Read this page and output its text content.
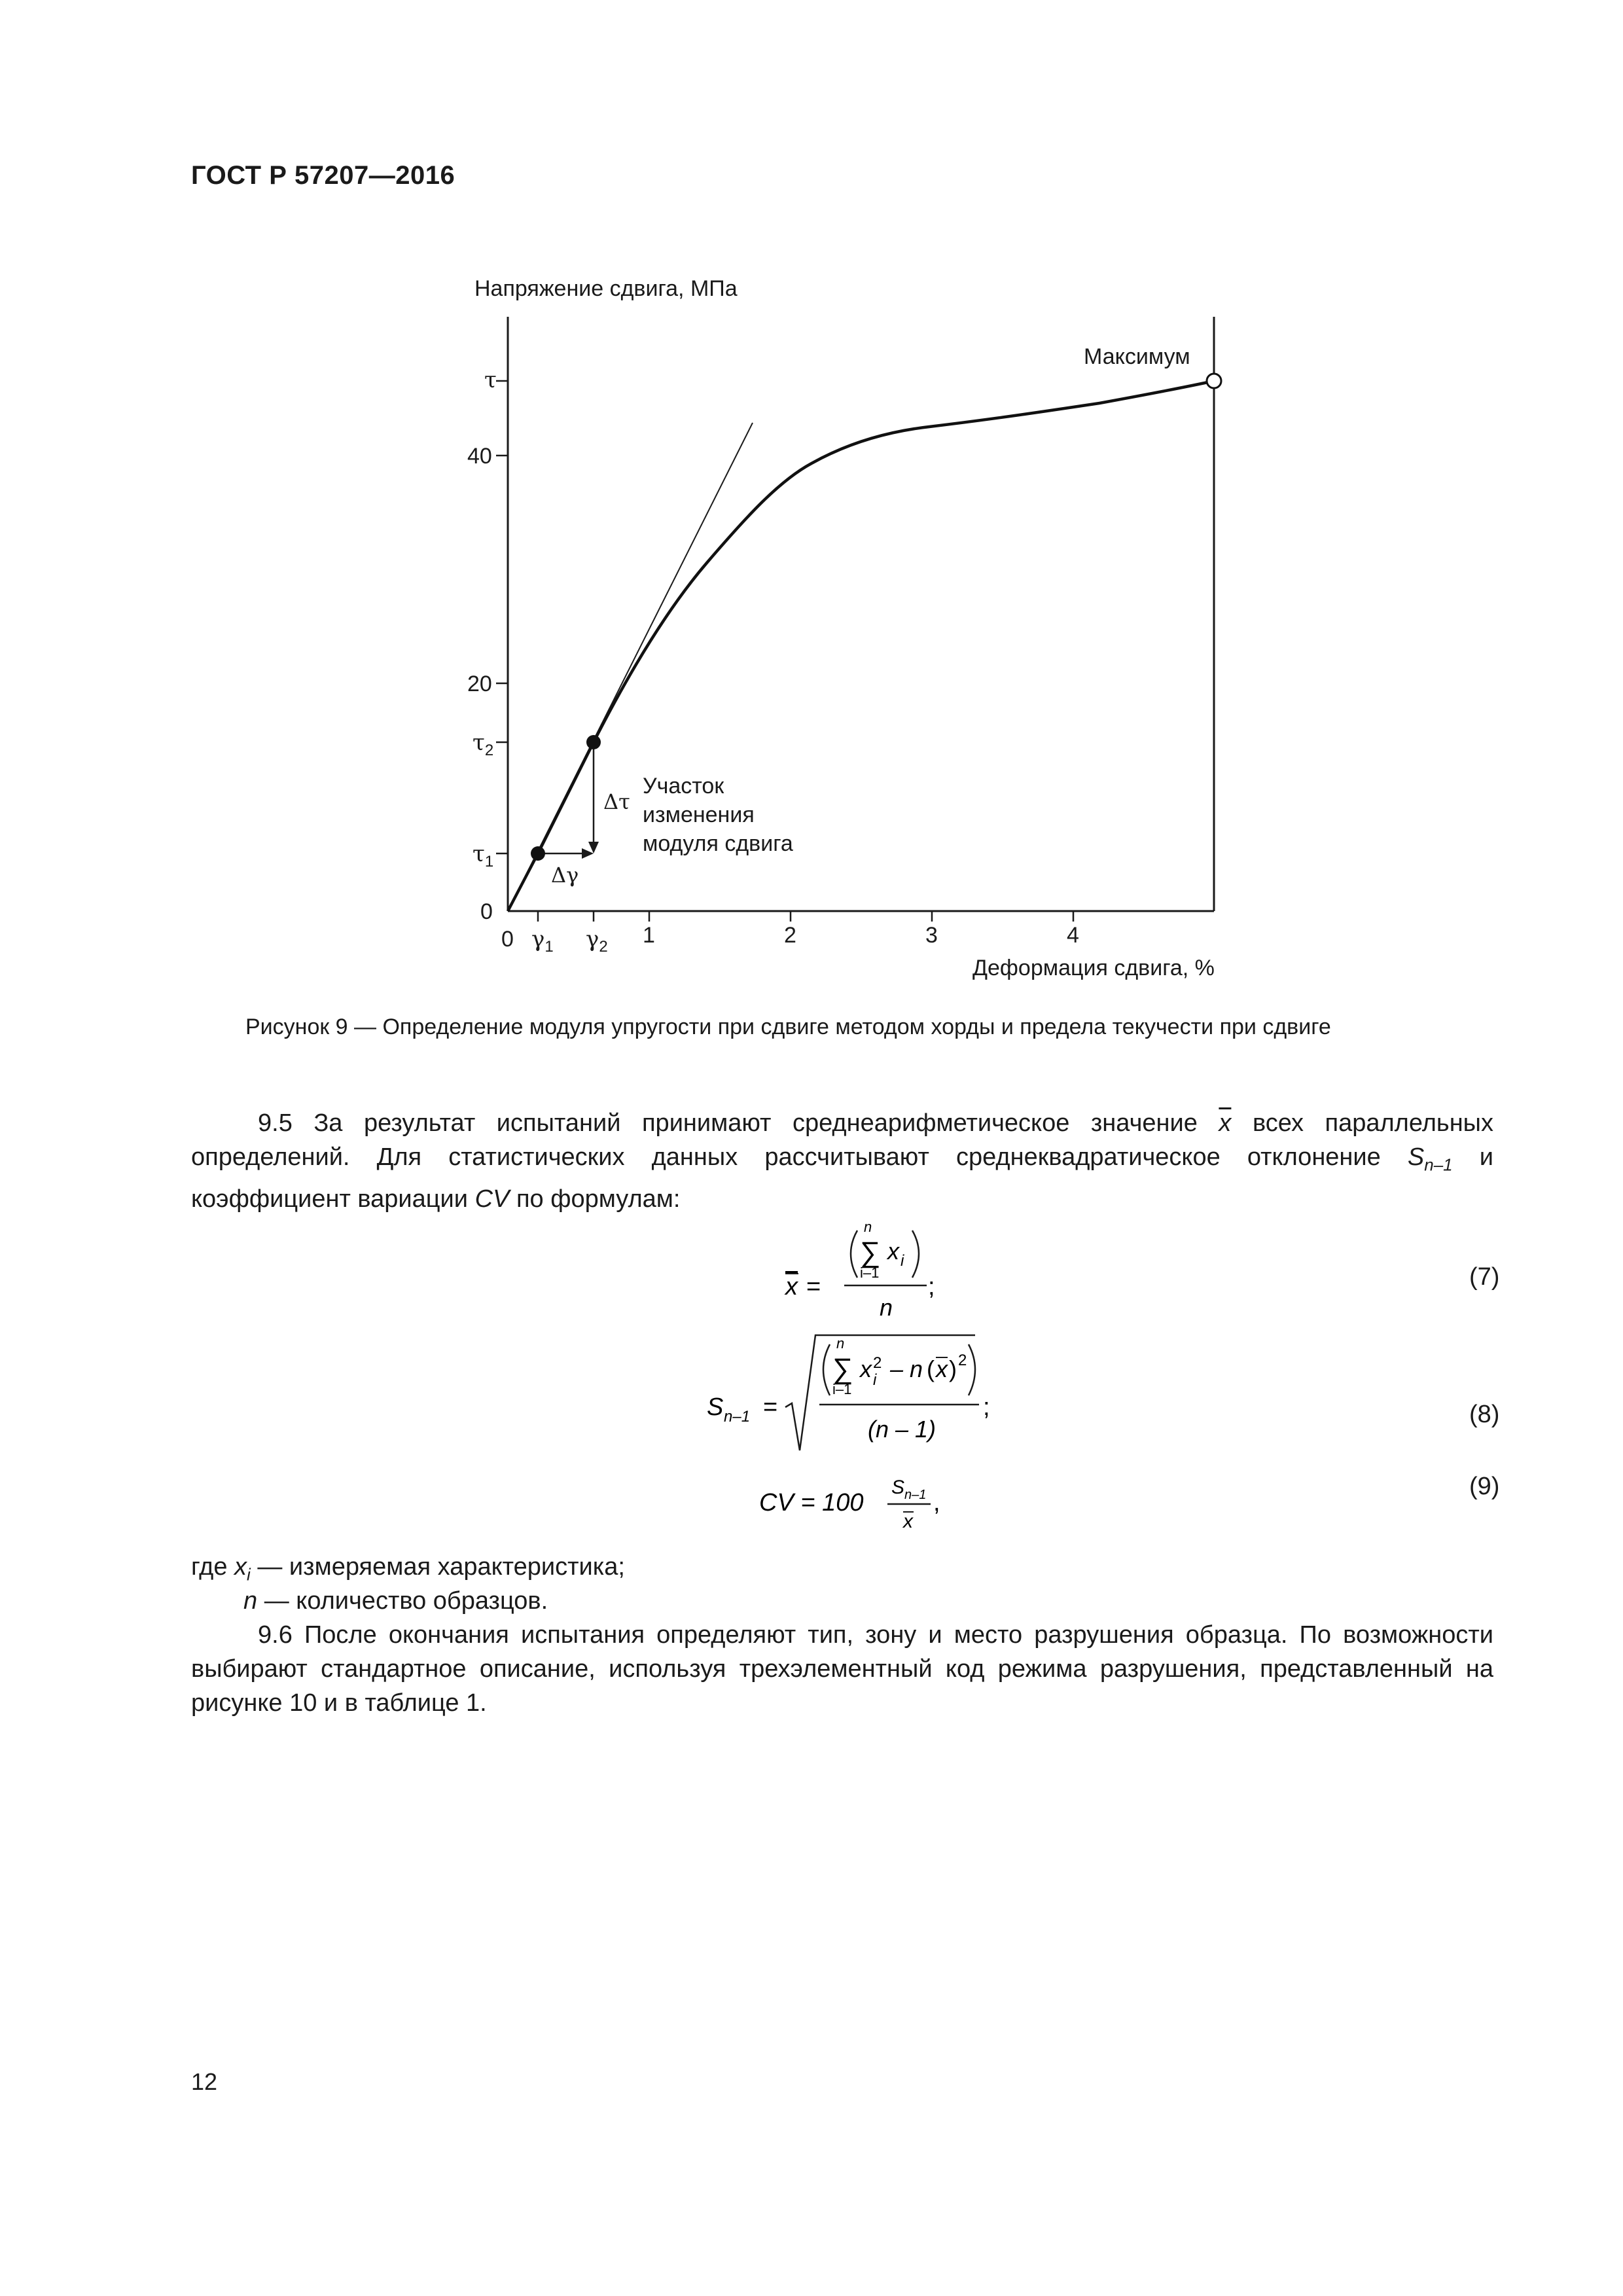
ГОСТ Р 57207—2016
Напряжение сдвига, МПа
τ
40
20
$\tau_2$
$\tau_1$
0
0 $\gamma_1$ $\gamma_2$ 1	2	3	4
Деформация сдвига, %
Δγ
Δτ
Максимум
Участок
изменения
модуля сдвига
Рисунок 9 — Определение модуля упругости при сдвиге методом хорды и предела текучести при сдвиге
9.5 За результат испытаний принимают среднеарифметическое значение $\overline{x}$ всех параллельных определений. Для статистических данных рассчитывают среднеквадратическое отклонение $S_{n-1}$ и коэффициент вариации CV по формулам:
x =
n
∑
i–1
x i
n
;	(7)
S n–1 =
n
∑
i–1
x 2
i – n ( x ) 2
(n – 1)
;	(8)
CV = 100
S n–1
x
,
(9)
где $x_i$ — измеряемая характеристика;
n — количество образцов.
9.6 После окончания испытания определяют тип, зону и место разрушения образца. По возможности выбирают стандартное описание, используя трехэлементный код режима разрушения, представленный на рисунке 10 и в таблице 1.
12
